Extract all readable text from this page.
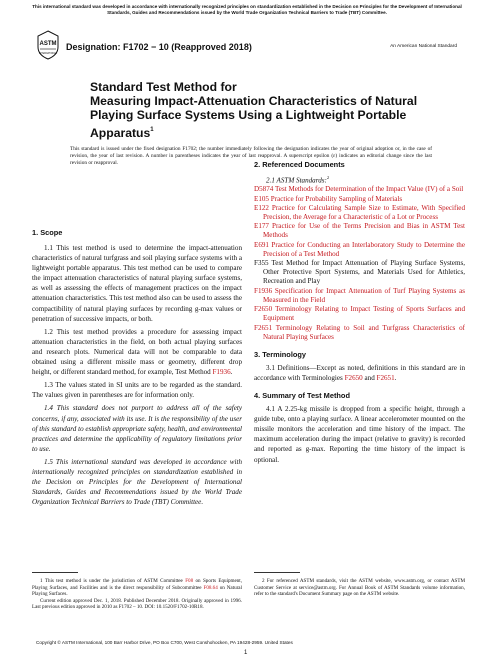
This international standard was developed in accordance with internationally recognized principles on standardization established in the Decision on Principles for the Development of International Standards, Guides and Recommendations issued by the World Trade Organization Technical Barriers to Trade (TBT) Committee.
ASTM
INTERNATIONAL
Designation: F1702 − 10 (Reapproved 2018)	An American National Standard
Standard Test Method for
Measuring Impact-Attenuation Characteristics of Natural
Playing Surface Systems Using a Lightweight Portable
Apparatus$^1$
This standard is issued under the fixed designation F1702; the number immediately following the designation indicates the year of original adoption or, in the case of revision, the year of last revision. A number in parentheses indicates the year of last reapproval. A superscript epsilon (ε) indicates an editorial change since the last revision or reapproval.
1. Scope

1.1 This test method is used to determine the impact-attenuation characteristics of natural turfgrass and soil playing surface systems with a lightweight portable apparatus. This test method can be used to compare the impact attenuation characteristics of natural playing surface systems, as well as assessing the effects of management practices on the impact attenuation characteristics. This test method also can be used to assess the compactibility of natural playing surfaces by recording g-max values or penetration of successive impacts, or both.

1.2 This test method provides a procedure for assessing impact attenuation characteristics in the field, on both actual playing surfaces and research plots. Numerical data will not be comparable to data obtained using a different missile mass or geometry, different drop height, or different standard method, for example, Test Method F1936.

1.3 The values stated in SI units are to be regarded as the standard. The values given in parentheses are for information only.

1.4 This standard does not purport to address all of the safety concerns, if any, associated with its use. It is the responsibility of the user of this standard to establish appropriate safety, health, and environmental practices and determine the applicability of regulatory limitations prior to use.

1.5 This international standard was developed in accordance with internationally recognized principles on standardization established in the Decision on Principles for the Development of International Standards, Guides and Recommendations issued by the World Trade Organization Technical Barriers to Trade (TBT) Committee.

1 This test method is under the jurisdiction of ASTM Committee F08 on Sports Equipment, Playing Surfaces, and Facilities and is the direct responsibility of Subcommittee F08.64 on Natural Playing Surfaces.

Current edition approved Dec. 1, 2018. Published December 2018. Originally approved in 1996. Last previous edition approved in 2010 as F1702 – 10. DOI: 10.1520/F1702-10R18.

2. Referenced Documents

2.1 ASTM Standards:$^2$

D5874 Test Methods for Determination of the Impact Value (IV) of a Soil

E105 Practice for Probability Sampling of Materials

E122 Practice for Calculating Sample Size to Estimate, With Specified Precision, the Average for a Characteristic of a Lot or Process

E177 Practice for Use of the Terms Precision and Bias in ASTM Test Methods

E691 Practice for Conducting an Interlaboratory Study to Determine the Precision of a Test Method

F355 Test Method for Impact Attenuation of Playing Surface Systems, Other Protective Sport Systems, and Materials Used for Athletics, Recreation and Play

F1936 Specification for Impact Attenuation of Turf Playing Systems as Measured in the Field

F2650 Terminology Relating to Impact Testing of Sports Surfaces and Equipment

F2651 Terminology Relating to Soil and Turfgrass Characteristics of Natural Playing Surfaces

3. Terminology

3.1 Definitions—Except as noted, definitions in this standard are in accordance with Terminologies F2650 and F2651.

4. Summary of Test Method

4.1 A 2.25-kg missile is dropped from a specific height, through a guide tube, onto a playing surface. A linear accelerometer mounted on the missile monitors the acceleration and time history of the impact. The maximum acceleration during the impact (relative to gravity) is recorded and reported as g-max. Reporting the time history of the impact is optional.

2 For referenced ASTM standards, visit the ASTM website, www.astm.org, or contact ASTM Customer Service at service@astm.org. For Annual Book of ASTM Standards volume information, refer to the standard's Document Summary page on the ASTM website.
Copyright © ASTM International, 100 Barr Harbor Drive, PO Box C700, West Conshohocken, PA 19428-2959. United States
1
